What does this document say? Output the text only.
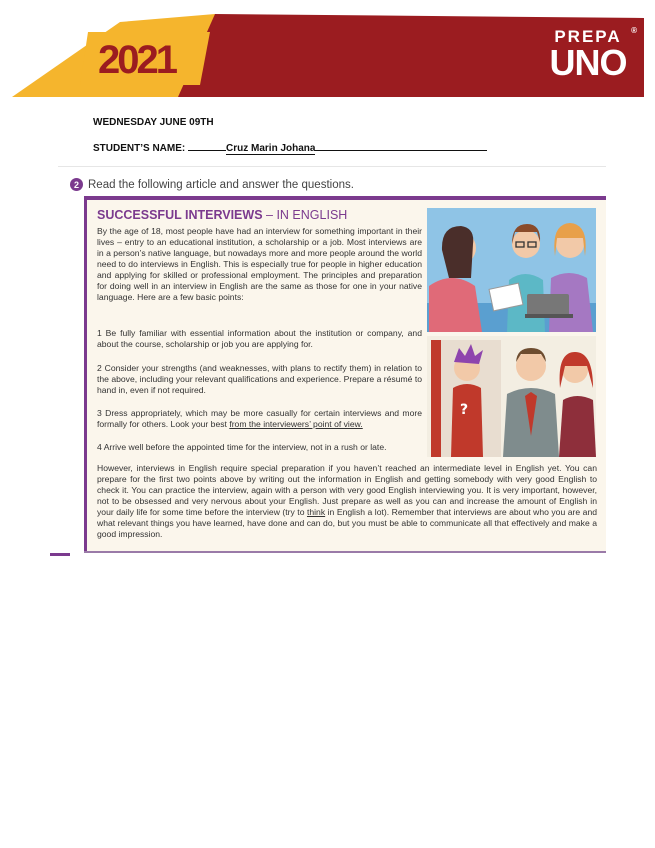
2021
PREPA
UNO
®
WEDNESDAY JUNE 09TH
STUDENT’S NAME:	Cruz Marin Johana
2 Read the following article and answer the questions.
SUCCESSFUL INTERVIEWS – IN ENGLISH

By the age of 18, most people have had an interview for something important in their lives – entry to an educational institution, a scholarship or a job. Most interviews are in a person’s native language, but nowadays more and more people around the world need to do interviews in English. This is especially true for people in higher education and applying for skilled or professional employment. The principles and preparation for doing well in an interview in English are the same as those for one in your native language. Here are a few basic points:

1 Be fully familiar with essential information about the institution or company, and about the course, scholarship or job you are applying for.

2 Consider your strengths (and weaknesses, with plans to rectify them) in relation to the above, including your relevant qualifications and experience. Prepare a résumé to hand in, even if not required.

3 Dress appropriately, which may be more casually for certain interviews and more formally for others. Look your best from the interviewers’ point of view.

4 Arrive well before the appointed time for the interview, not in a rush or late.

However, interviews in English require special preparation if you haven’t reached an intermediate level in English yet. You can prepare for the first two points above by writing out the information in English and getting somebody with very good English to check it. You can practice the interview, again with a person with very good English interviewing you. It is very important, however, not to be obsessed and very nervous about your English. Just prepare as well as you can and increase the amount of English in your daily life for some time before the interview (try to think in English a lot). Remember that interviews are about who you are and what relevant things you have learned, have done and can do, but you must be able to communicate all that effectively and make a good impression.

?
